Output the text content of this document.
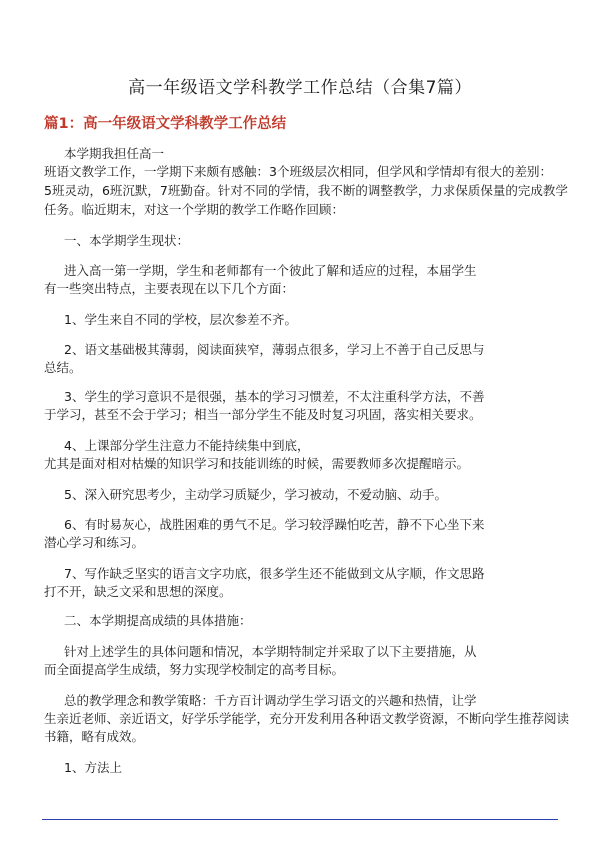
高一年级语文学科教学工作总结（合集7篇）
篇1：高一年级语文学科教学工作总结
本学期我担任高一
班语文教学工作，一学期下来颇有感触：3个班级层次相同，但学风和学情却有很大的差别：
5班灵动，6班沉默，7班勤奋。针对不同的学情，我不断的调整教学，力求保质保量的完成教学
任务。临近期末，对这一个学期的教学工作略作回顾：
一、本学期学生现状：
进入高一第一学期，学生和老师都有一个彼此了解和适应的过程，本届学生
有一些突出特点，主要表现在以下几个方面：
1、学生来自不同的学校，层次参差不齐。
2、语文基础极其薄弱，阅读面狭窄，薄弱点很多，学习上不善于自己反思与
总结。
3、学生的学习意识不是很强，基本的学习习惯差，不太注重科学方法，不善
于学习，甚至不会于学习；相当一部分学生不能及时复习巩固，落实相关要求。
4、上课部分学生注意力不能持续集中到底，
尤其是面对相对枯燥的知识学习和技能训练的时候，需要教师多次提醒暗示。
5、深入研究思考少，主动学习质疑少，学习被动，不爱动脑、动手。
6、有时易灰心，战胜困难的勇气不足。学习较浮躁怕吃苦，静不下心坐下来
潜心学习和练习。
7、写作缺乏坚实的语言文字功底，很多学生还不能做到文从字顺，作文思路
打不开，缺乏文采和思想的深度。
二、本学期提高成绩的具体措施：
针对上述学生的具体问题和情况，本学期特制定并采取了以下主要措施，从
而全面提高学生成绩，努力实现学校制定的高考目标。
总的教学理念和教学策略：千方百计调动学生学习语文的兴趣和热情，让学
生亲近老师、亲近语文，好学乐学能学，充分开发利用各种语文教学资源，不断向学生推荐阅读
书籍，略有成效。
1、方法上
